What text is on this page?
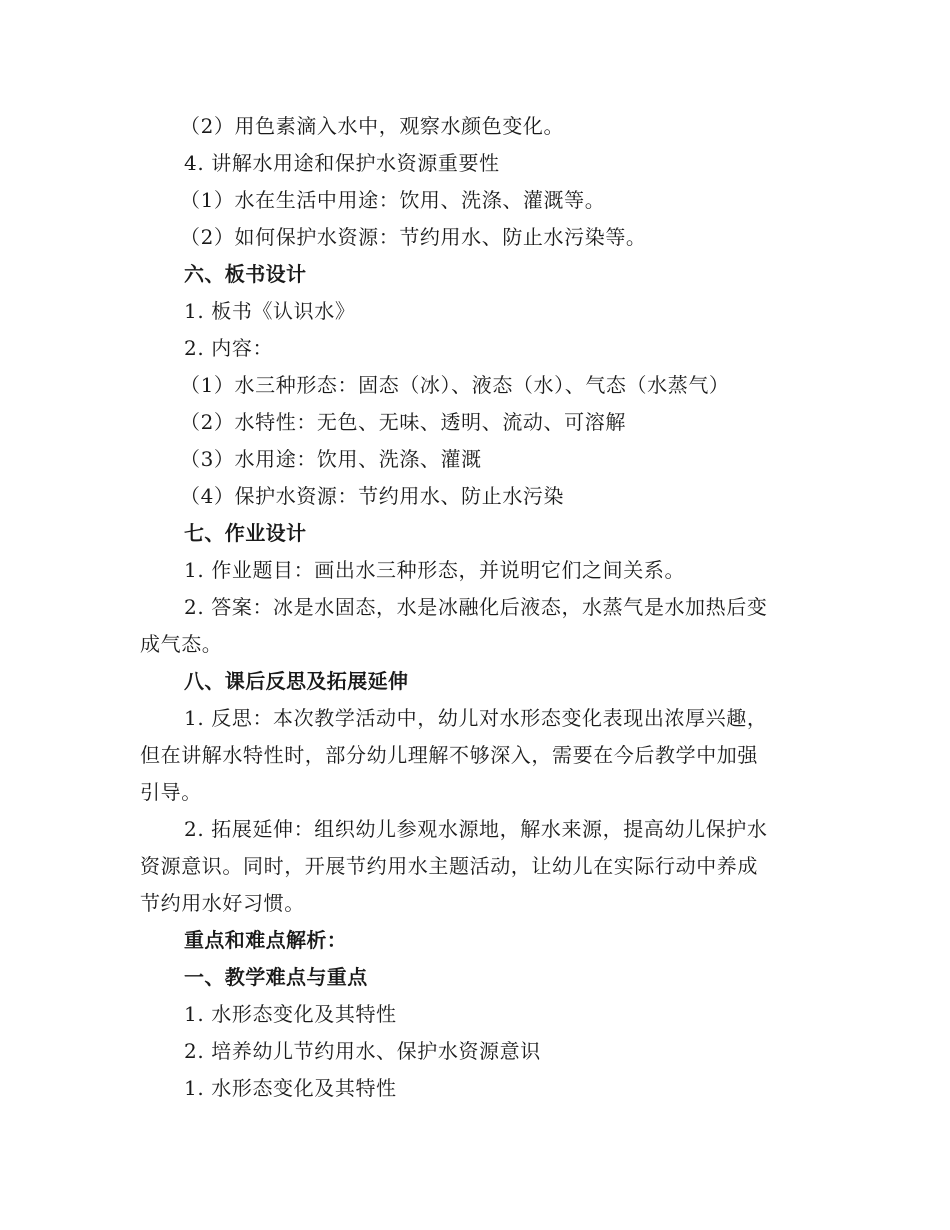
（2）用色素滴入水中，观察水颜色变化。
4. 讲解水用途和保护水资源重要性
（1）水在生活中用途：饮用、洗涤、灌溉等。
（2）如何保护水资源：节约用水、防止水污染等。
六、板书设计
1. 板书《认识水》
2. 内容：
（1）水三种形态：固态（冰）、液态（水）、气态（水蒸气）
（2）水特性：无色、无味、透明、流动、可溶解
（3）水用途：饮用、洗涤、灌溉
（4）保护水资源：节约用水、防止水污染
七、作业设计
1. 作业题目：画出水三种形态，并说明它们之间关系。
2. 答案：冰是水固态，水是冰融化后液态，水蒸气是水加热后变
成气态。
八、课后反思及拓展延伸
1. 反思：本次教学活动中，幼儿对水形态变化表现出浓厚兴趣，
但在讲解水特性时，部分幼儿理解不够深入，需要在今后教学中加强
引导。
2. 拓展延伸：组织幼儿参观水源地，解水来源，提高幼儿保护水
资源意识。同时，开展节约用水主题活动，让幼儿在实际行动中养成
节约用水好习惯。
重点和难点解析：
一、教学难点与重点
1. 水形态变化及其特性
2. 培养幼儿节约用水、保护水资源意识
1. 水形态变化及其特性
